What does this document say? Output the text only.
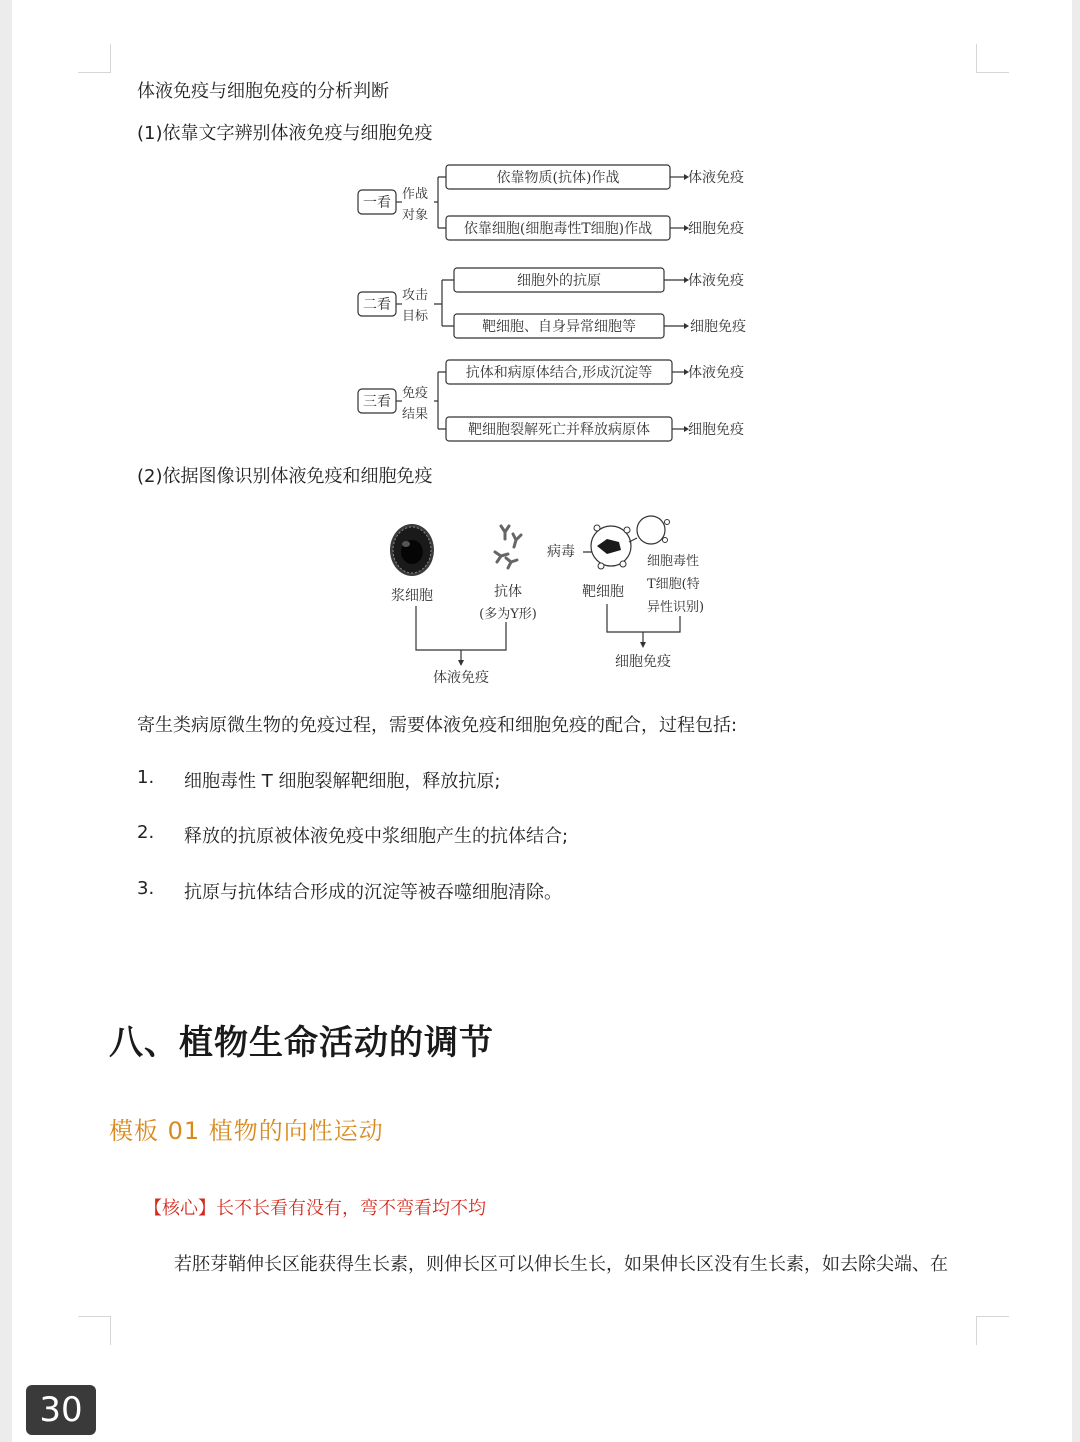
体液免疫与细胞免疫的分析判断
(1)依靠文字辨别体液免疫与细胞免疫
一看
作战
对象
依靠物质(抗体)作战	体液免疫
依靠细胞(细胞毒性T细胞)作战	细胞免疫
二看
攻击
目标
细胞外的抗原	体液免疫
靶细胞、自身异常细胞等	细胞免疫
三看
免疫
结果
抗体和病原体结合,形成沉淀等	体液免疫
靶细胞裂解死亡并释放病原体	细胞免疫
(2)依据图像识别体液免疫和细胞免疫
浆细胞	抗体
(多为Y形)
病毒
靶细胞
细胞毒性
T细胞(特
异性识别)
体液免疫
细胞免疫
寄生类病原微生物的免疫过程，需要体液免疫和细胞免疫的配合，过程包括:
1. 细胞毒性 T 细胞裂解靶细胞，释放抗原;
2. 释放的抗原被体液免疫中浆细胞产生的抗体结合;
3. 抗原与抗体结合形成的沉淀等被吞噬细胞清除。
八、植物生命活动的调节
模板 01 植物的向性运动
【核心】长不长看有没有，弯不弯看均不均
若胚芽鞘伸长区能获得生长素，则伸长区可以伸长生长，如果伸长区没有生长素，如去除尖端、在
30
